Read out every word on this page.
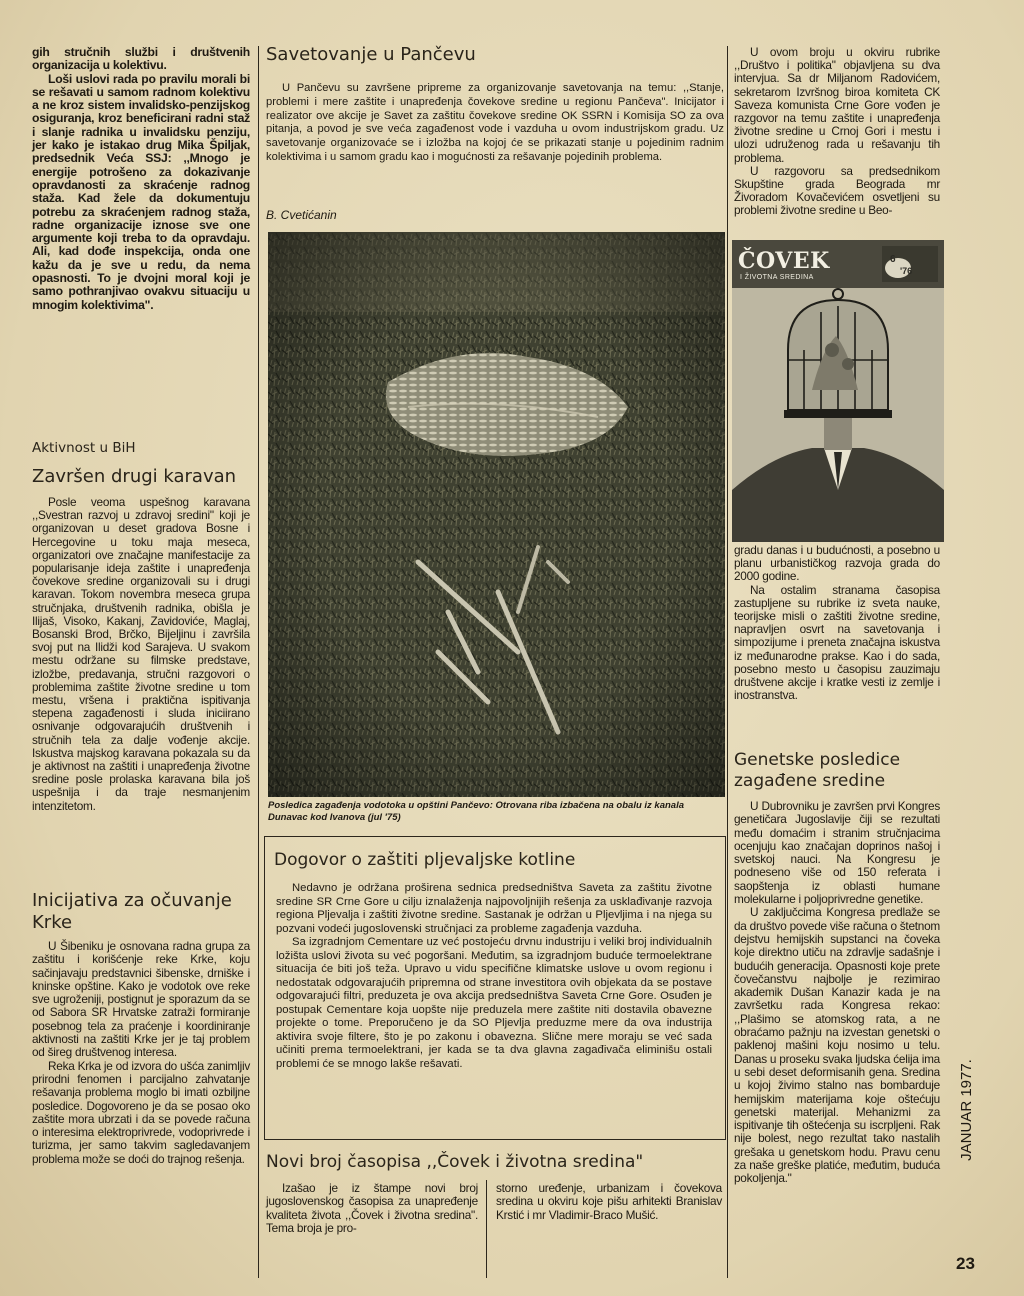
gih stručnih službi i društvenih organizacija u kolektivu.

Loši uslovi rada po pravilu morali bi se rešavati u samom radnom kolektivu a ne kroz sistem invalidsko-penzijskog osiguranja, kroz beneficirani radni staž i slanje radnika u invalidsku penziju, jer kako je istakao drug Mika Špiljak, predsednik Veća SSJ: ,,Mnogo je energije potrošeno za dokazivanje opravdanosti za skraćenje radnog staža. Kad žele da dokumentuju potrebu za skraćenjem radnog staža, radne organizacije iznose sve one argumente koji treba to da opravdaju. Ali, kad dođe inspekcija, onda one kažu da je sve u redu, da nema opasnosti. To je dvojni moral koji je samo pothranjivao ovakvu situaciju u mnogim kolektivima".

Aktivnost u BiH
Završen drugi karavan

Posle veoma uspešnog karavana ,,Svestran razvoj u zdravoj sredini" koji je organizovan u deset gradova Bosne i Hercegovine u toku maja meseca, organizatori ove značajne manifestacije za popularisanje ideja zaštite i unapređenja čovekove sredine organizovali su i drugi karavan. Tokom novembra meseca grupa stručnjaka, društvenih radnika, obišla je Ilijaš, Visoko, Kakanj, Zavidoviće, Maglaj, Bosanski Brod, Brčko, Bijeljinu i završila svoj put na Ilidži kod Sarajeva. U svakom mestu održane su filmske predstave, izložbe, predavanja, stručni razgovori o problemima zaštite životne sredine u tom mestu, vršena i praktična ispitivanja stepena zagađenosti i sluda iniciirano osnivanje odgovarajućih društvenih i stručnih tela za dalje vođenje akcije. Iskustva majskog karavana pokazala su da je aktivnost na zaštiti i unapređenja životne sredine posle prolaska karavana bila još uspešnija i da traje nesmanjenim intenzitetom.

Inicijativa za očuvanje Krke

U Šibeniku je osnovana radna grupa za zaštitu i korišćenje reke Krke, koju sačinjavaju predstavnici šibenske, drniške i kninske opštine. Kako je vodotok ove reke sve ugroženiji, postignut je sporazum da se od Sabora SR Hrvatske zatraži formiranje posebnog tela za praćenje i koordiniranje aktivnosti na zaštiti Krke jer je taj problem od šireg društvenog interesa.

Reka Krka je od izvora do ušća zanimljiv prirodni fenomen i parcijalno zahvatanje rešavanja problema moglo bi imati ozbiljne posledice. Dogovoreno je da se posao oko zaštite mora ubrzati i da se povede računa o interesima elektroprivrede, vodoprivrede i turizma, jer samo takvim sagledavanjem problema može se doći do trajnog rešenja.

Savetovanje u Pančevu

U Pančevu su završene pripreme za organizovanje savetovanja na temu: ,,Stanje, problemi i mere zaštite i unapređenja čovekove sredine u regionu Pančeva". Inicijator i realizator ove akcije je Savet za zaštitu čovekove sredine OK SSRN i Komisija SO za ova pitanja, a povod je sve veća zagađenost vode i vazduha u ovom industrijskom gradu. Uz savetovanje organizovaće se i izložba na kojoj će se prikazati stanje u pojedinim radnim kolektivima i u samom gradu kao i mogućnosti za rešavanje pojedinih problema.

B. Cvetićanin
Posledica zagađenja vodotoka u opštini Pančevo: Otrovana riba izbačena na obalu iz kanala Dunavac kod Ivanova (jul '75)
Dogovor o zaštiti pljevaljske kotline

Nedavno je održana proširena sednica predsedništva Saveta za zaštitu životne sredine SR Crne Gore u cilju iznalaženja najpovoljnijih rešenja za usklađivanje razvoja regiona Pljevalja i zaštiti životne sredine. Sastanak je održan u Pljevljima i na njega su pozvani vodeći jugoslovenski stručnjaci za probleme zagađenja vazduha.

Sa izgradnjom Cementare uz već postojeću drvnu industriju i veliki broj individualnih ložišta uslovi života su već pogoršani. Međutim, sa izgradnjom buduće termoelektrane situacija će biti još teža. Upravo u vidu specifične klimatske uslove u ovom regionu i nedostatak odgovarajućih pripremna od strane investitora ovih objekata da se postave odgovarajući filtri, preduzeta je ova akcija predsedništva Saveta Crne Gore. Osuđen je postupak Cementare koja uopšte nije preduzela mere zaštite niti dostavila obavezne projekte o tome. Preporučeno je da SO Pljevlja preduzme mere da ova industrija aktivira svoje filtere, što je po zakonu i obavezna. Slične mere moraju se već sada učiniti prema termoelektrani, jer kada se ta dva glavna zagađivača eliminišu ostali problemi će se mnogo lakše rešavati.

Novi broj časopisa ,,Čovek i životna sredina"

Izašao je iz štampe novi broj jugoslovenskog časopisa za unapređenje kvaliteta života ,,Čovek i životna sredina". Tema broja je pro-

storno uređenje, urbanizam i čovekova sredina u okviru koje pišu arhitekti Branislav Krstić i mr Vladimir-Braco Mušić.

U ovom broju u okviru rubrike ,,Društvo i politika" objavljena su dva intervjua. Sa dr Miljanom Radovićem, sekretarom Izvršnog biroa komiteta CK Saveza komunista Crne Gore vođen je razgovor na temu zaštite i unapređenja životne sredine u Crnoj Gori i mestu i ulozi udruženog rada u rešavanju tih problema.

U razgovoru sa predsednikom Skupštine grada Beograda mr Živoradom Kovačevićem osvetljeni su problemi životne sredine u Beo-

ČOVEK
I ŽIVOTNA SREDINA
6
'76

gradu danas i u budućnosti, a posebno u planu urbanističkog razvoja grada do 2000 godine.

Na ostalim stranama časopisa zastupljene su rubrike iz sveta nauke, teorijske misli o zaštiti životne sredine, napravljen osvrt na savetovanja i simpozijume i preneta značajna iskustva iz međunarodne prakse. Kao i do sada, posebno mesto u časopisu zauzimaju društvene akcije i kratke vesti iz zemlje i inostranstva.

Genetske posledice zagađene sredine

U Dubrovniku je završen prvi Kongres genetičara Jugoslavije čiji se rezultati među domaćim i stranim stručnjacima ocenjuju kao značajan doprinos našoj i svetskoj nauci. Na Kongresu je podneseno više od 150 referata i saopštenja iz oblasti humane molekularne i poljoprivredne genetike.

U zaključcima Kongresa predlaže se da društvo povede više računa o štetnom dejstvu hemijskih supstanci na čoveka koje direktno utiču na zdravlje sadašnje i budućih generacija. Opasnosti koje prete čovečanstvu najbolje je rezimirao akademik Dušan Kanazir kada je na završetku rada Kongresa rekao: ,,Plašimo se atomskog rata, a ne obraćamo pažnju na izvestan genetski o paklenoj mašini koju nosimo u telu. Danas u proseku svaka ljudska ćelija ima u sebi deset deformisanih gena. Sredina u kojoj živimo stalno nas bombarduje hemijskim materijama koje oštećuju genetski materijal. Mehanizmi za ispitivanje tih oštećenja su iscrpljeni. Rak nije bolest, nego rezultat tako nastalih grešaka u genetskom hodu. Pravu cenu za naše greške platiće, međutim, buduća pokoljenja."

JANUAR 1977.
23
